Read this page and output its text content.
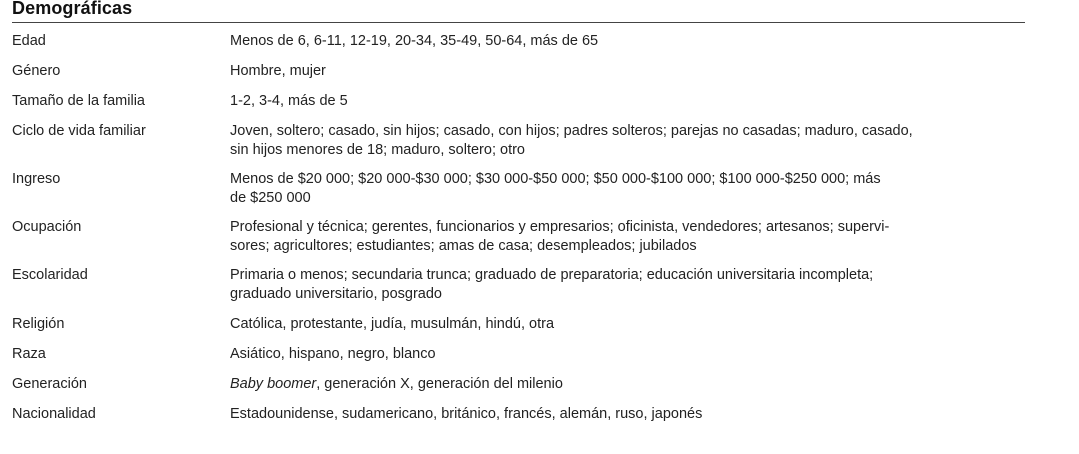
Demográficas
Edad	Menos de 6, 6-11, 12-19, 20-34, 35-49, 50-64, más de 65
Género	Hombre, mujer
Tamaño de la familia	1-2, 3-4, más de 5
Ciclo de vida familiar	Joven, soltero; casado, sin hijos; casado, con hijos; padres solteros; parejas no casadas; maduro, casado,
sin hijos menores de 18; maduro, soltero; otro
Ingreso	Menos de $20 000; $20 000-$30 000; $30 000-$50 000; $50 000-$100 000; $100 000-$250 000; más
de $250 000
Ocupación	Profesional y técnica; gerentes, funcionarios y empresarios; oficinista, vendedores; artesanos; supervi-
sores; agricultores; estudiantes; amas de casa; desempleados; jubilados
Escolaridad	Primaria o menos; secundaria trunca; graduado de preparatoria; educación universitaria incompleta;
graduado universitario, posgrado
Religión	Católica, protestante, judía, musulmán, hindú, otra
Raza	Asiático, hispano, negro, blanco
Generación	Baby boomer, generación X, generación del milenio
Nacionalidad	Estadounidense, sudamericano, británico, francés, alemán, ruso, japonés
